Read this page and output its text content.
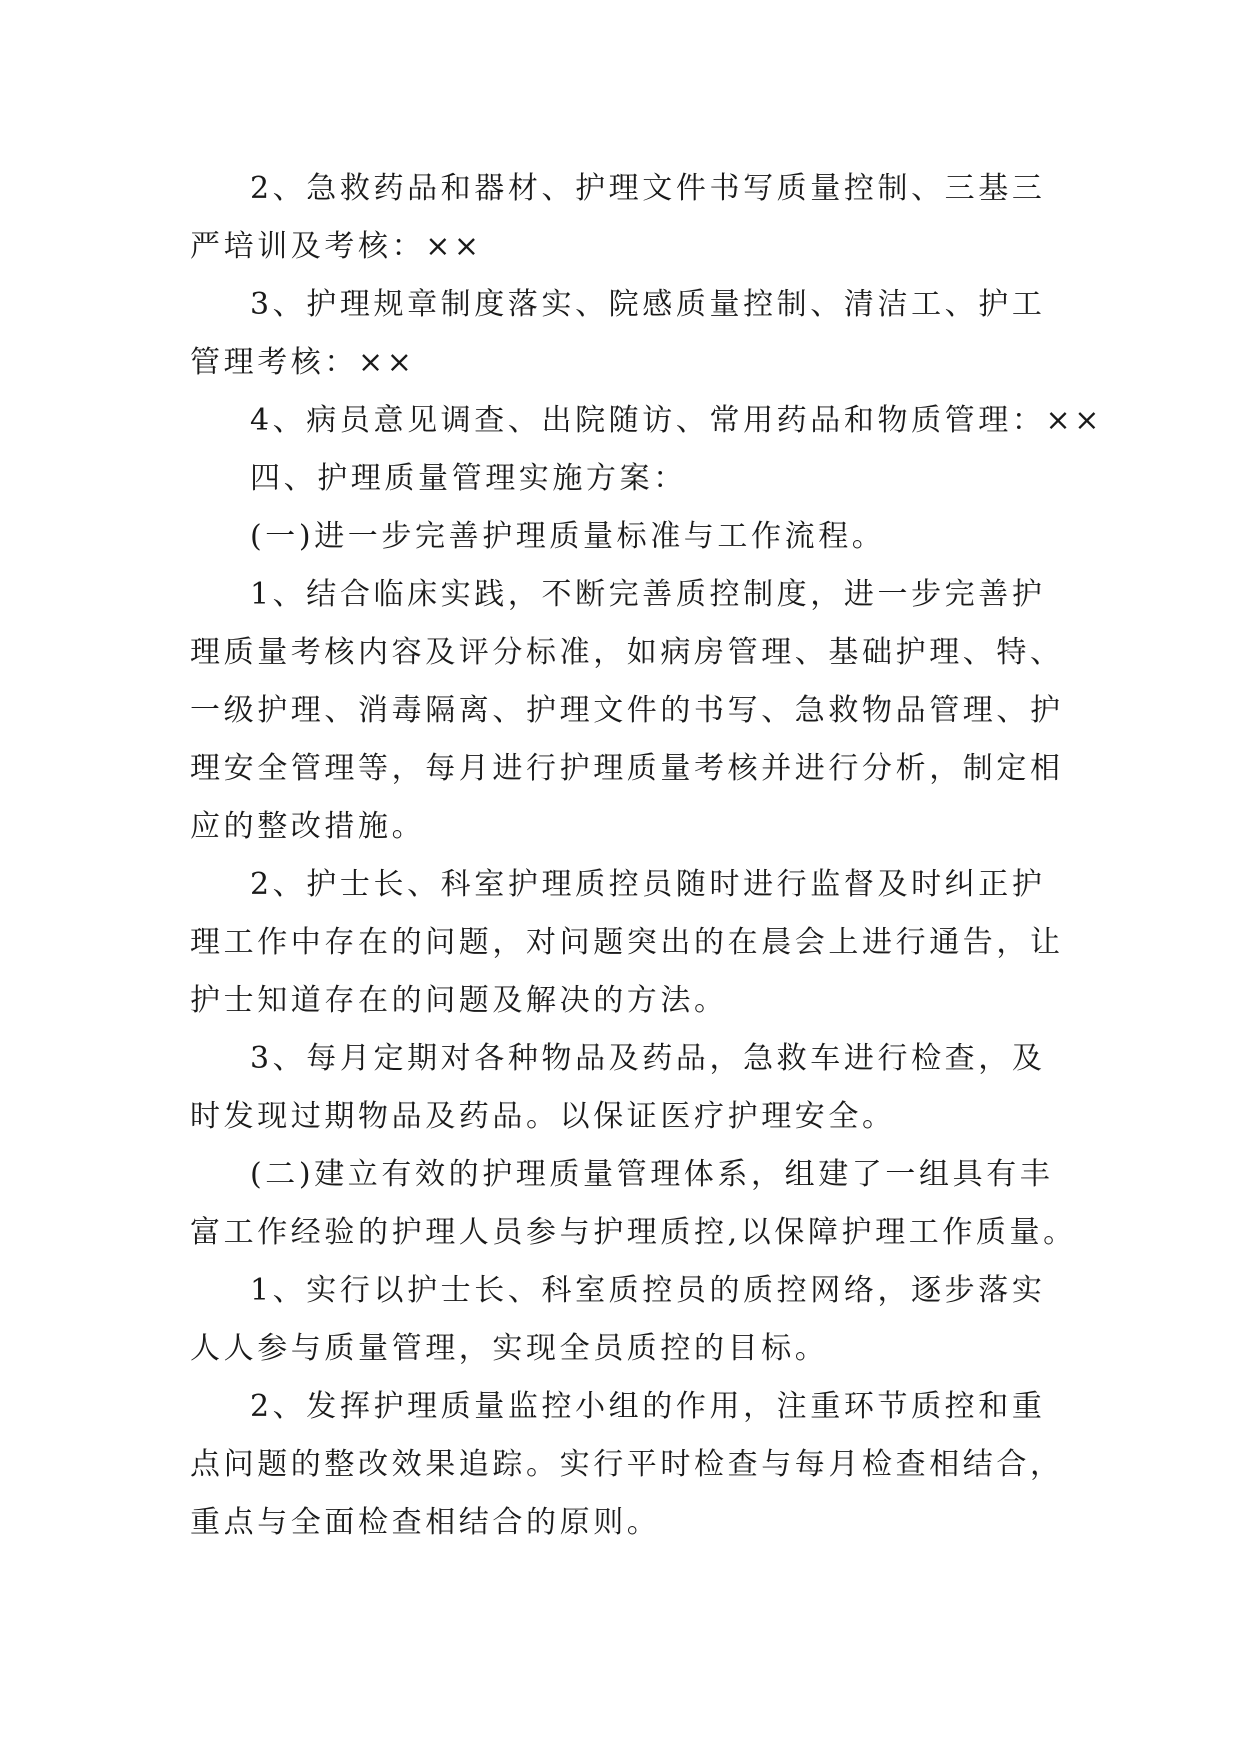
2、急救药品和器材、护理文件书写质量控制、三基三
严培训及考核：××
3、护理规章制度落实、院感质量控制、清洁工、护工
管理考核：××
4、病员意见调查、出院随访、常用药品和物质管理：××
四、护理质量管理实施方案：
(一)进一步完善护理质量标准与工作流程。
1、结合临床实践，不断完善质控制度，进一步完善护
理质量考核内容及评分标准，如病房管理、基础护理、特、
一级护理、消毒隔离、护理文件的书写、急救物品管理、护
理安全管理等，每月进行护理质量考核并进行分析，制定相
应的整改措施。
2、护士长、科室护理质控员随时进行监督及时纠正护
理工作中存在的问题，对问题突出的在晨会上进行通告，让
护士知道存在的问题及解决的方法。
3、每月定期对各种物品及药品，急救车进行检查，及
时发现过期物品及药品。以保证医疗护理安全。
(二)建立有效的护理质量管理体系，组建了一组具有丰
富工作经验的护理人员参与护理质控,以保障护理工作质量。
1、实行以护士长、科室质控员的质控网络，逐步落实
人人参与质量管理，实现全员质控的目标。
2、发挥护理质量监控小组的作用，注重环节质控和重
点问题的整改效果追踪。实行平时检查与每月检查相结合，
重点与全面检查相结合的原则。
